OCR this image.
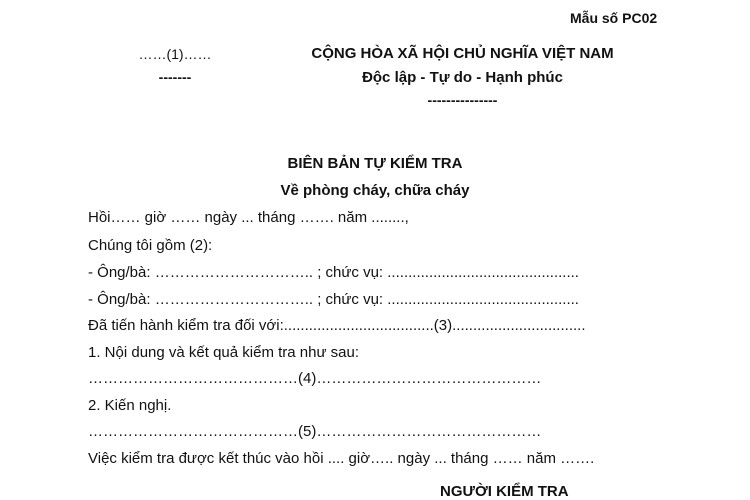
Mẫu số PC02
……(1)……
-------
CỘNG HÒA XÃ HỘI CHỦ NGHĨA VIỆT NAM
Độc lập - Tự do - Hạnh phúc
---------------
BIÊN BẢN TỰ KIỂM TRA
Về phòng cháy, chữa cháy
Hồi…… giờ …… ngày ... tháng ……. năm ........,
Chúng tôi gồm (2):
- Ông/bà: ………………………….. ; chức vụ: ..............................................
- Ông/bà: ………………………….. ; chức vụ: ..............................................
Đã tiến hành kiểm tra đối với:....................................(3)................................
1. Nội dung và kết quả kiểm tra như sau:
……………………………………(4)………………………………………
2. Kiến nghị.
……………………………………(5)………………………………………
Việc kiểm tra được kết thúc vào hồi .... giờ….. ngày ... tháng …… năm …….
NGƯỜI KIỂM TRA
